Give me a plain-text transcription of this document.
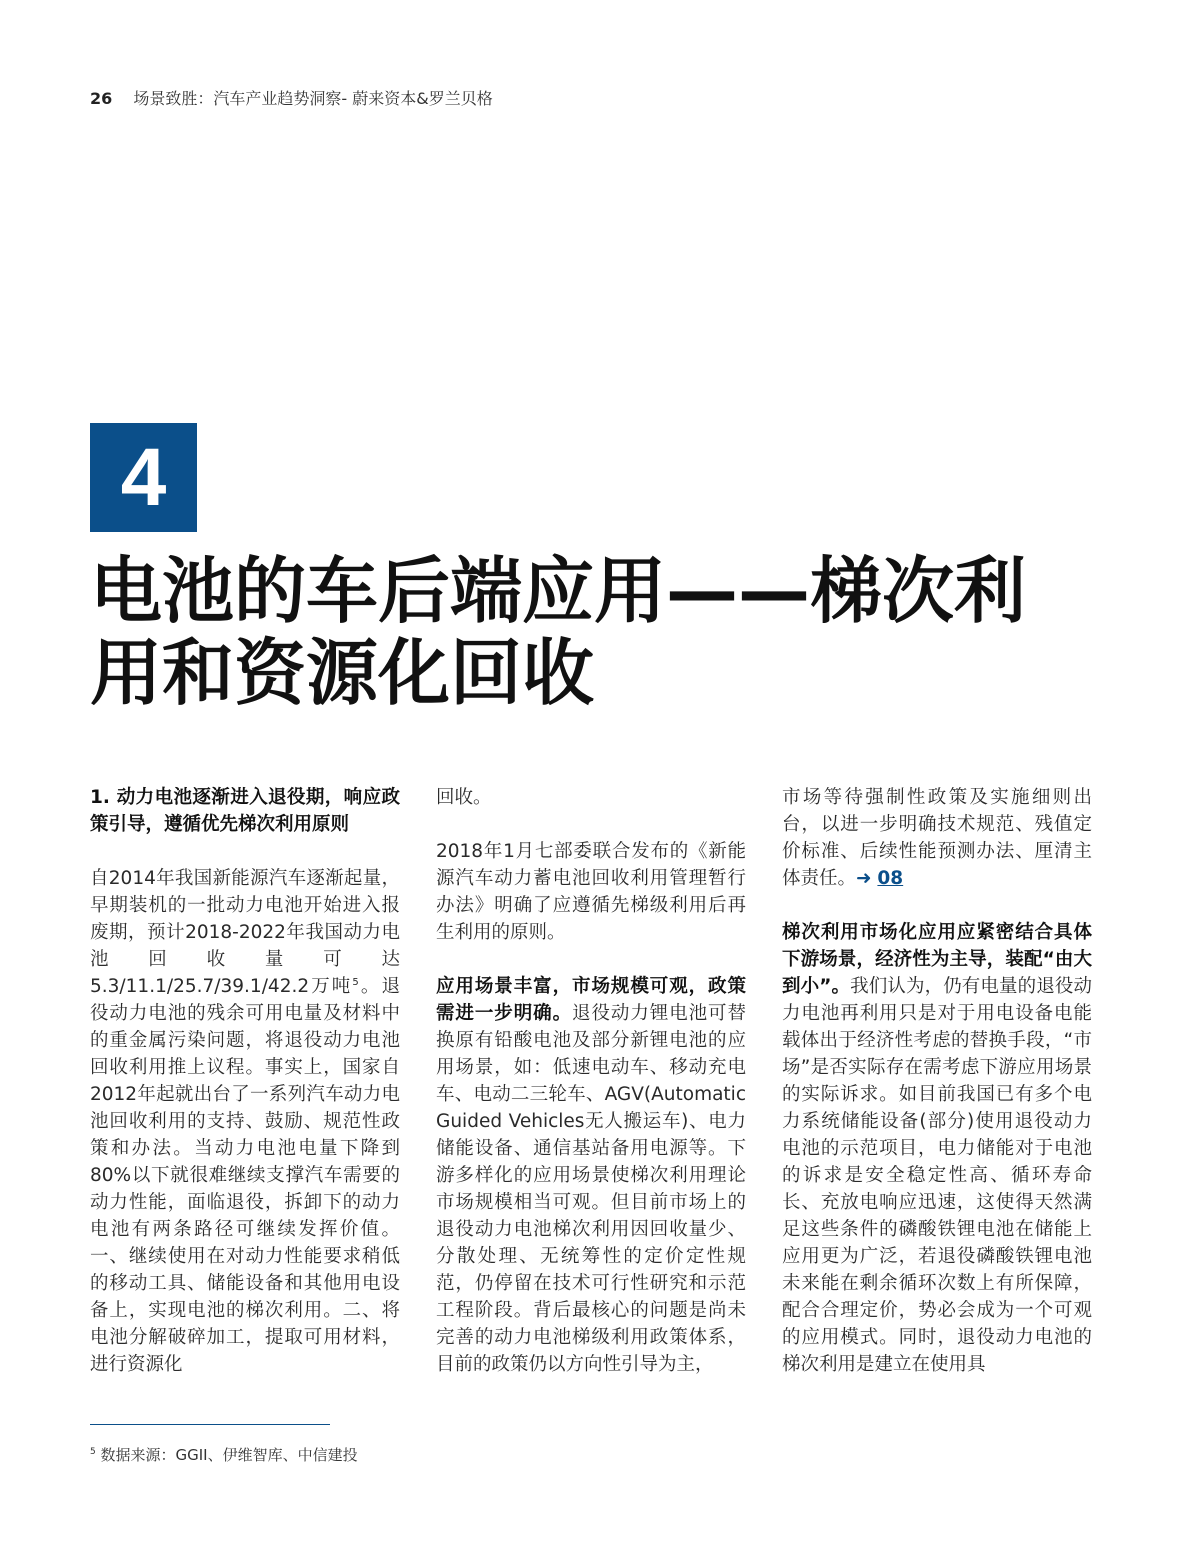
26 场景致胜：汽车产业趋势洞察- 蔚来资本&罗兰贝格
4
电池的车后端应用——梯次利
用和资源化回收

1. 动力电池逐渐进入退役期，响应政策引导，遵循优先梯次利用原则

自2014年我国新能源汽车逐渐起量，早期装机的一批动力电池开始进入报废期，预计2018-2022年我国动力电池回收量可达5.3/11.1/25.7/39.1/42.2万吨$^5$。退役动力电池的残余可用电量及材料中的重金属污染问题，将退役动力电池回收利用推上议程。事实上，国家自2012年起就出台了一系列汽车动力电池回收利用的支持、鼓励、规范性政策和办法。当动力电池电量下降到80%以下就很难继续支撑汽车需要的动力性能，面临退役，拆卸下的动力电池有两条路径可继续发挥价值。一、继续使用在对动力性能要求稍低的移动工具、储能设备和其他用电设备上，实现电池的梯次利用。二、将电池分解破碎加工，提取可用材料，进行资源化

回收。

2018年1月七部委联合发布的《新能源汽车动力蓄电池回收利用管理暂行办法》明确了应遵循先梯级利用后再生利用的原则。

应用场景丰富，市场规模可观，政策需进一步明确。退役动力锂电池可替换原有铅酸电池及部分新锂电池的应用场景，如：低速电动车、移动充电车、电动二三轮车、AGV(Automatic Guided Vehicles无人搬运车)、电力储能设备、通信基站备用电源等。下游多样化的应用场景使梯次利用理论市场规模相当可观。但目前市场上的退役动力电池梯次利用因回收量少、分散处理、无统筹性的定价定性规范，仍停留在技术可行性研究和示范工程阶段。背后最核心的问题是尚未完善的动力电池梯级利用政策体系，目前的政策仍以方向性引导为主，

市场等待强制性政策及实施细则出台，以进一步明确技术规范、残值定价标准、后续性能预测办法、厘清主体责任。➜ 08

梯次利用市场化应用应紧密结合具体下游场景，经济性为主导，装配“由大到小”。我们认为，仍有电量的退役动力电池再利用只是对于用电设备电能载体出于经济性考虑的替换手段，“市场”是否实际存在需考虑下游应用场景的实际诉求。如目前我国已有多个电力系统储能设备(部分)使用退役动力电池的示范项目，电力储能对于电池的诉求是安全稳定性高、循环寿命长、充放电响应迅速，这使得天然满足这些条件的磷酸铁锂电池在储能上应用更为广泛，若退役磷酸铁锂电池未来能在剩余循环次数上有所保障，配合合理定价，势必会成为一个可观的应用模式。同时，退役动力电池的梯次利用是建立在使用具

$^5$ 数据来源：GGII、伊维智库、中信建投
